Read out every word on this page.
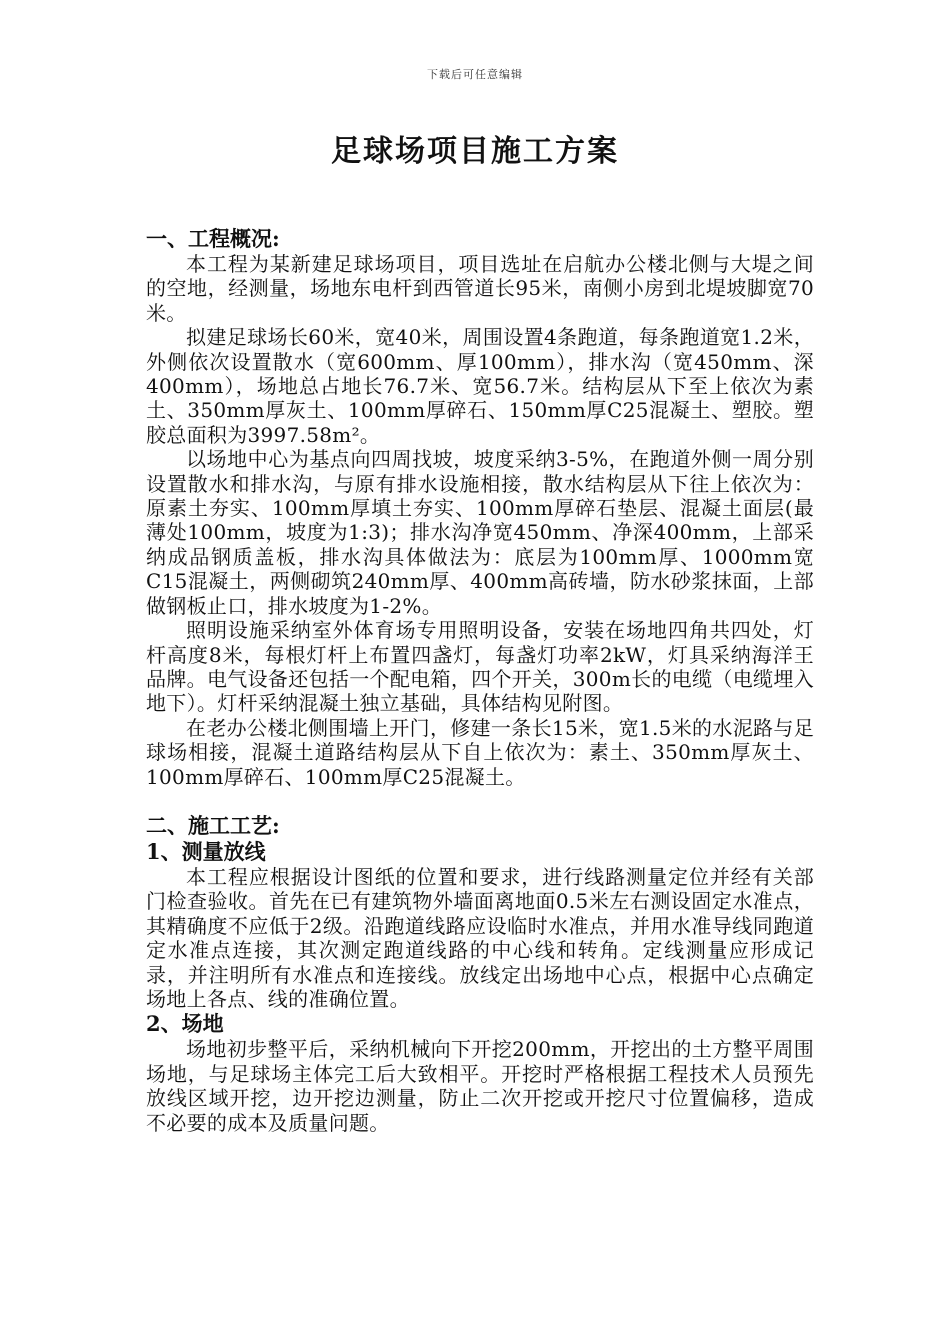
下载后可任意编辑
足球场项目施工方案
一、工程概况:

本工程为某新建足球场项目，项目选址在启航办公楼北侧与大堤之间的空地，经测量，场地东电杆到西管道长95米，南侧小房到北堤坡脚宽70米。

拟建足球场长60米，宽40米，周围设置4条跑道，每条跑道宽1.2米，外侧依次设置散水（宽600mm、厚100mm），排水沟（宽450mm、深400mm），场地总占地长76.7米、宽56.7米。结构层从下至上依次为素土、350mm厚灰土、100mm厚碎石、150mm厚C25混凝土、塑胶。塑胶总面积为3997.58m²。

以场地中心为基点向四周找坡，坡度采纳3-5%，在跑道外侧一周分别设置散水和排水沟，与原有排水设施相接，散水结构层从下往上依次为：原素土夯实、100mm厚填土夯实、100mm厚碎石垫层、混凝土面层(最薄处100mm，坡度为1:3)；排水沟净宽450mm、净深400mm，上部采纳成品钢质盖板，排水沟具体做法为：底层为100mm厚、1000mm宽C15混凝土，两侧砌筑240mm厚、400mm高砖墙，防水砂浆抹面，上部做钢板止口，排水坡度为1-2%。

照明设施采纳室外体育场专用照明设备，安装在场地四角共四处，灯杆高度8米，每根灯杆上布置四盏灯，每盏灯功率2kW，灯具采纳海洋王品牌。电气设备还包括一个配电箱，四个开关，300m长的电缆（电缆埋入地下）。灯杆采纳混凝土独立基础，具体结构见附图。

在老办公楼北侧围墙上开门，修建一条长15米，宽1.5米的水泥路与足球场相接，混凝土道路结构层从下自上依次为：素土、350mm厚灰土、100mm厚碎石、100mm厚C25混凝土。

二、施工工艺:
1、测量放线

本工程应根据设计图纸的位置和要求，进行线路测量定位并经有关部门检查验收。首先在已有建筑物外墙面离地面0.5米左右测设固定水准点，其精确度不应低于2级。沿跑道线路应设临时水准点，并用水准导线同跑道定水准点连接，其次测定跑道线路的中心线和转角。定线测量应形成记录，并注明所有水准点和连接线。放线定出场地中心点，根据中心点确定场地上各点、线的准确位置。

2、场地

场地初步整平后，采纳机械向下开挖200mm，开挖出的土方整平周围场地，与足球场主体完工后大致相平。开挖时严格根据工程技术人员预先放线区域开挖，边开挖边测量，防止二次开挖或开挖尺寸位置偏移，造成不必要的成本及质量问题。
